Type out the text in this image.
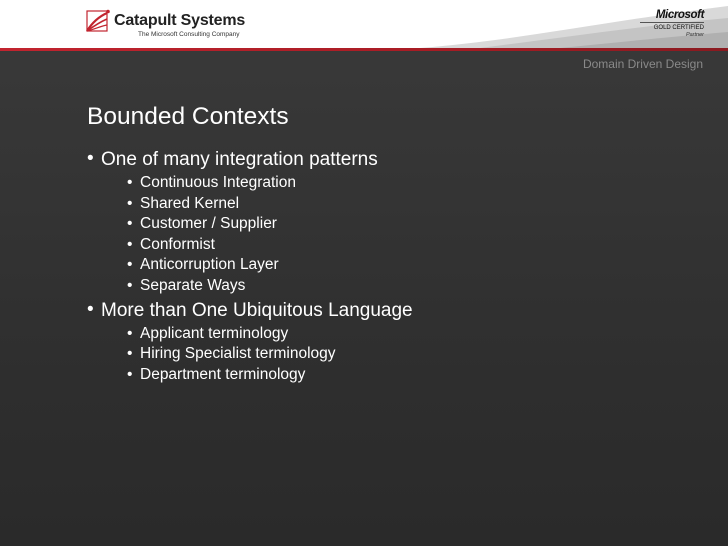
Catapult Systems
The Microsoft Consulting Company
Microsoft
GOLD CERTIFIED
Partner
Domain Driven Design
Bounded Contexts
• One of many integration patterns
• Continuous Integration
• Shared Kernel
• Customer / Supplier
• Conformist
• Anticorruption Layer
• Separate Ways
• More than One Ubiquitous Language
• Applicant terminology
• Hiring Specialist terminology
• Department terminology
